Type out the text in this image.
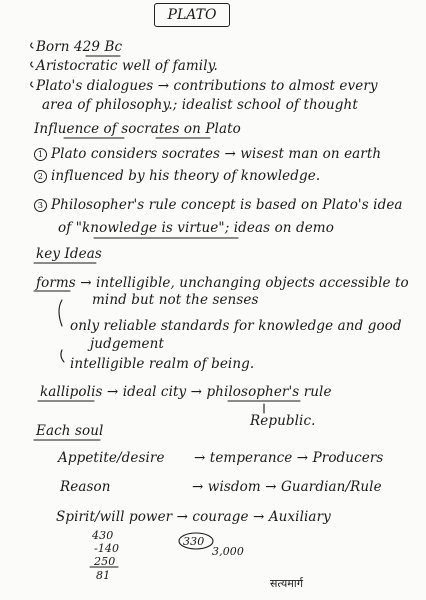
PLATO
Born 429 Bc
Aristocratic well of family.
Plato's dialogues → contributions to almost every
area of philosophy.; idealist school of thought
Influence of socrates on Plato
1 Plato considers socrates → wisest man on earth
2 influenced by his theory of knowledge.
3 Philosopher's rule concept is based on Plato's idea
of "knowledge is virtue"; ideas on demo
key Ideas
forms → intelligible, unchanging objects accessible to
mind but not the senses
only reliable standards for knowledge and good
judgement
intelligible realm of being.
kallipolis → ideal city → philosopher's rule
Republic.
Each soul
Appetite/desire → temperance → Producers
Reason	→ wisdom → Guardian/Rule
Spirit/will power → courage → Auxiliary
430
-140
250
81
330
3,000
सत्यमार्ग
